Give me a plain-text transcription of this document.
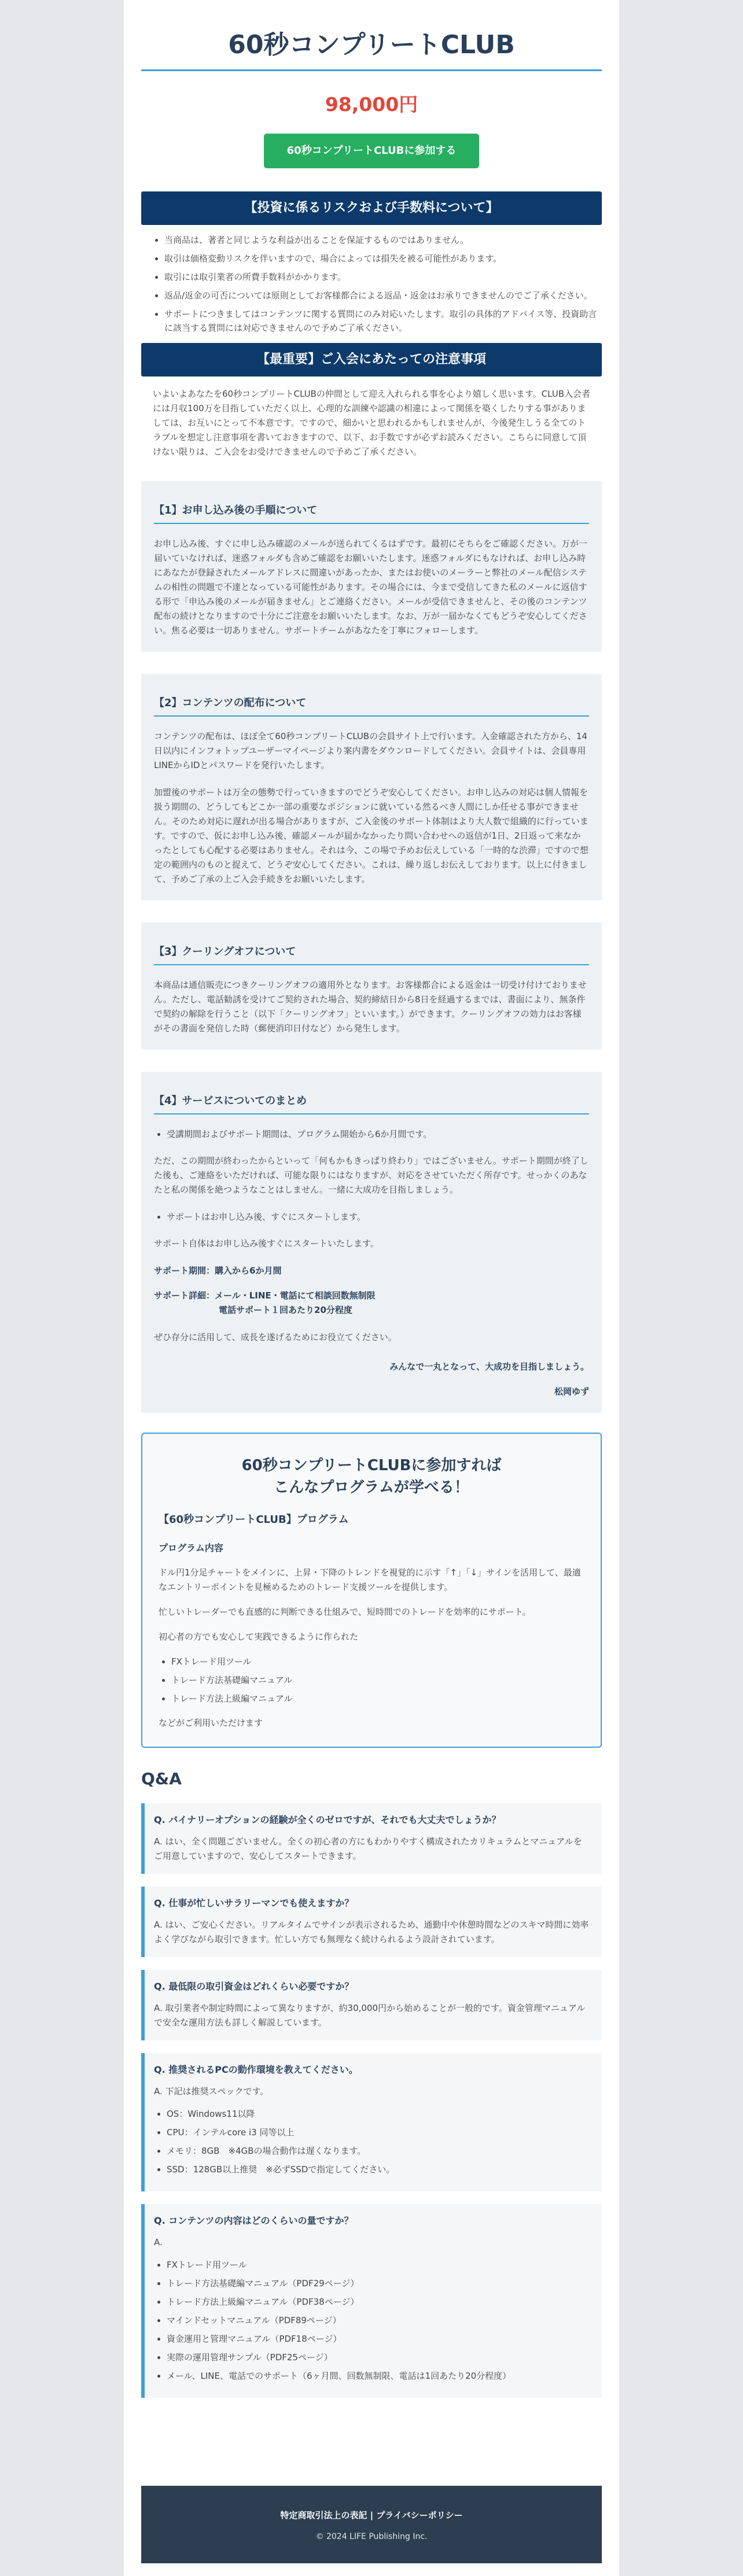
60秒コンプリートCLUB
98,000円
60秒コンプリートCLUBに参加する
【投資に係るリスクおよび手数料について】
• 当商品は、著者と同じような利益が出ることを保証するものではありません。
• 取引は価格変動リスクを伴いますので、場合によっては損失を被る可能性があります。
• 取引には取引業者の所費手数料がかかります。
• 返品/返金の可否については原則としてお客様都合による返品・返金はお承りできませんのでご了承ください。
• サポートにつきましてはコンテンツに関する質問にのみ対応いたします。取引の具体的アドバイス等、投資助言に該当する質問には対応できませんので予めご了承ください。
【最重要】ご入会にあたっての注意事項

いよいよあなたを60秒コンプリートCLUBの仲間として迎え入れられる事を心より嬉しく思います。CLUB入会者には月収100万を目指していただく以上、心理的な訓練や認識の相違によって関係を築くしたりする事がありましては、お互いにとって不本意です。ですので、細かいと思われるかもしれませんが、今後発生しうる全てのトラブルを想定し注意事項を書いておきますので、以下、お手数ですが必ずお読みください。こちらに同意して頂けない限りは、ご入会をお受けできませんので予めご了承ください。

【1】お申し込み後の手順について

お申し込み後、すぐに申し込み確認のメールが送られてくるはずです。最初にそちらをご確認ください。万が一届いていなければ、迷惑フォルダも含めご確認をお願いいたします。迷惑フォルダにもなければ、お申し込み時にあなたが登録されたメールアドレスに間違いがあったか、またはお使いのメーラーと弊社のメール配信システムの相性の問題で不達となっている可能性があります。その場合には、今まで受信してきた私のメールに返信する形で「申込み後のメールが届きません」とご連絡ください。メールが受信できませんと、その後のコンテンツ配布の続けとなりますので十分にご注意をお願いいたします。なお、万が一届かなくてもどうぞ安心してください。焦る必要は一切ありません。サポートチームがあなたを丁寧にフォローします。

【2】コンテンツの配布について

コンテンツの配布は、ほぼ全て60秒コンプリートCLUBの会員サイト上で行います。入金確認された方から、14日以内にインフォトップユーザーマイページより案内書をダウンロードしてください。会員サイトは、会員専用LINEからIDとパスワードを発行いたします。

加盟後のサポートは万全の態勢で行っていきますのでどうぞ安心してください。お申し込みの対応は個人情報を扱う期間の、どうしてもどこか一部の重要なポジションに就いている然るべき人間にしか任せる事ができません。そのため対応に遅れが出る場合がありますが、ご入金後のサポート体制はより大人数で組織的に行っています。ですので、仮にお申し込み後、確認メールが届かなかったり問い合わせへの返信が1日、2日返って来なかったとしても心配する必要はありません。それは今、この場で予めお伝えしている「一時的な渋滞」ですので想定の範囲内のものと捉えて、どうぞ安心してください。これは、繰り返しお伝えしております。以上に付きまして、予めご了承の上ご入会手続きをお願いいたします。

【3】クーリングオフについて

本商品は通信販売につきクーリングオフの適用外となります。お客様都合による返金は一切受け付けておりません。ただし、電話勧誘を受けてご契約された場合、契約締結日から8日を経過するまでは、書面により、無条件で契約の解除を行うこと（以下「クーリングオフ」といいます。）ができます。クーリングオフの効力はお客様がその書面を発信した時（郵便消印日付など）から発生します。

【4】サービスについてのまとめ
• 受講期間およびサポート期間は、プログラム開始から6か月間です。

ただ、この期間が終わったからといって「何もかもきっぱり終わり」ではございません。サポート期間が終了した後も、ご連絡をいただければ、可能な限りにはなりますが、対応をさせていただく所存です。せっかくのあなたと私の関係を絶つようなことはしません。一緒に大成功を目指しましょう。

• サポートはお申し込み後、すぐにスタートします。

サポート自体はお申し込み後すぐにスタートいたします。

サポート期間：購入から6か月間

サポート詳細：メール・LINE・電話にて相談回数無制限
電話サポート１回あたり20分程度

ぜひ存分に活用して、成長を遂げるためにお役立てください。

みんなで一丸となって、大成功を目指しましょう。

松岡ゆず

60秒コンプリートCLUBに参加すれば
こんなプログラムが学べる！
【60秒コンプリートCLUB】プログラム
プログラム内容

ドル円1分足チャートをメインに、上昇・下降のトレンドを視覚的に示す「↑」「↓」サインを活用して、最適なエントリーポイントを見極めるためのトレード支援ツールを提供します。

忙しいトレーダーでも直感的に判断できる仕組みで、短時間でのトレードを効率的にサポート。

初心者の方でも安心して実践できるように作られた

• FXトレード用ツール
• トレード方法基礎編マニュアル
• トレード方法上級編マニュアル

などがご利用いただけます

Q&A
Q. バイナリーオプションの経験が全くのゼロですが、それでも大丈夫でしょうか？
A. はい、全く問題ございません。全くの初心者の方にもわかりやすく構成されたカリキュラムとマニュアルをご用意していますので、安心してスタートできます。
Q. 仕事が忙しいサラリーマンでも使えますか？
A. はい、ご安心ください。リアルタイムでサインが表示されるため、通勤中や休憩時間などのスキマ時間に効率よく学びながら取引できます。忙しい方でも無理なく続けられるよう設計されています。
Q. 最低限の取引資金はどれくらい必要ですか？
A. 取引業者や制定時間によって異なりますが、約30,000円から始めることが一般的です。資金管理マニュアルで安全な運用方法も詳しく解説しています。
Q. 推奨されるPCの動作環境を教えてください。
A. 下記は推奨スペックです。
• OS：Windows11以降
• CPU：インテルcore i3 同等以上
• メモリ：8GB　※4GBの場合動作は遅くなります。
• SSD：128GB以上推奨　※必ずSSDで指定してください。
Q. コンテンツの内容はどのくらいの量ですか？
A.
• FXトレード用ツール
• トレード方法基礎編マニュアル（PDF29ページ）
• トレード方法上級編マニュアル（PDF38ページ）
• マインドセットマニュアル（PDF89ページ）
• 資金運用と管理マニュアル（PDF18ページ）
• 実際の運用管理サンプル（PDF25ページ）
• メール、LINE、電話でのサポート（6ヶ月間、回数無制限、電話は1回あたり20分程度）
特定商取引法上の表記 | プライバシーポリシー
© 2024 LIFE Publishing Inc.
